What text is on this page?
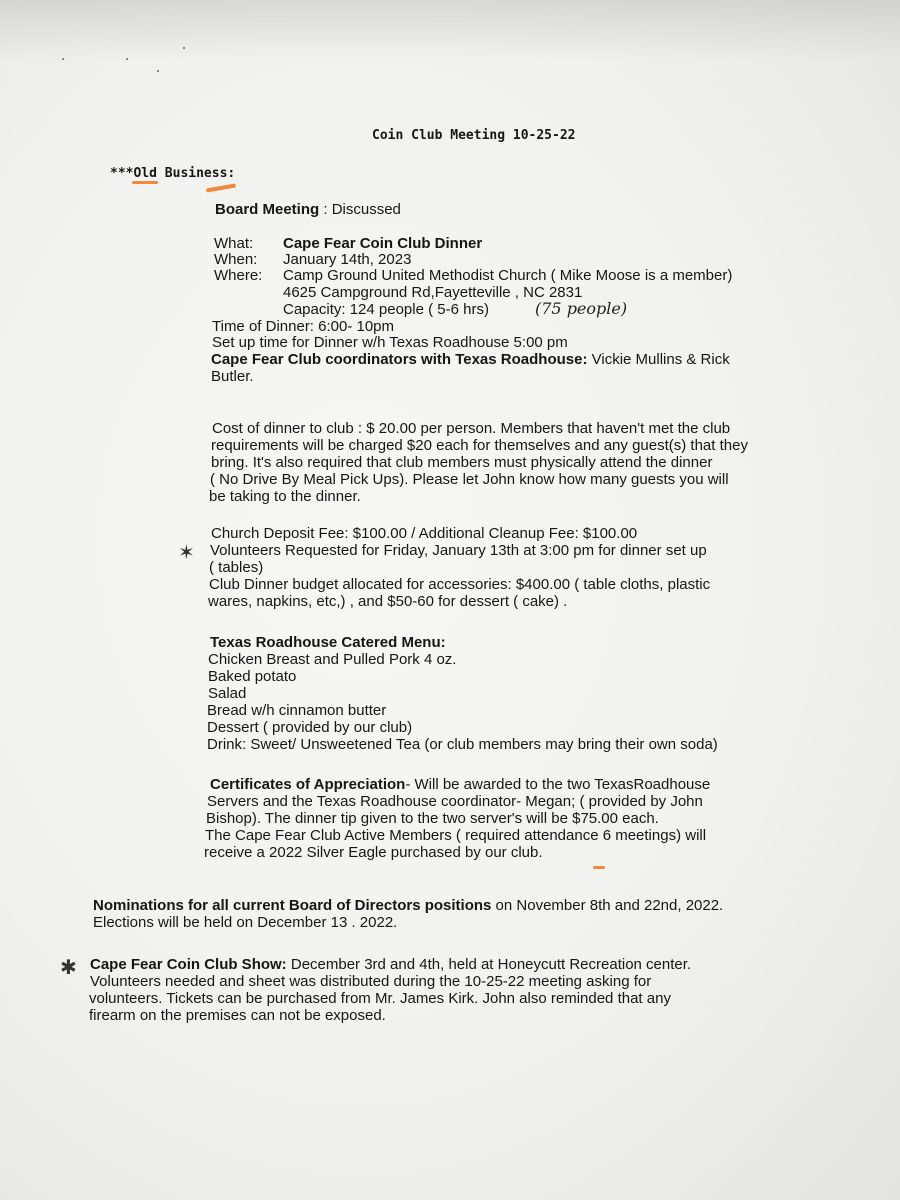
Coin Club Meeting 10-25-22
***Old Business:
Board Meeting : Discussed
What: Cape Fear Coin Club Dinner
When: January 14th, 2023
Where: Camp Ground United Methodist Church ( Mike Moose is a member)
4625 Campground Rd,Fayetteville , NC 2831
Capacity: 124 people ( 5-6 hrs)	(75 people)
Time of Dinner: 6:00- 10pm
Set up time for Dinner w/h Texas Roadhouse 5:00 pm
Cape Fear Club coordinators with Texas Roadhouse: Vickie Mullins & Rick
Butler.
Cost of dinner to club : $ 20.00 per person. Members that haven't met the club
requirements will be charged $20 each for themselves and any guest(s) that they
bring. It's also required that club members must physically attend the dinner
( No Drive By Meal Pick Ups). Please let John know how many guests you will
be taking to the dinner.
Church Deposit Fee: $100.00 / Additional Cleanup Fee: $100.00
✶ Volunteers Requested for Friday, January 13th at 3:00 pm for dinner set up
( tables)
Club Dinner budget allocated for accessories: $400.00 ( table cloths, plastic
wares, napkins, etc,) , and $50-60 for dessert ( cake) .
Texas Roadhouse Catered Menu:
Chicken Breast and Pulled Pork 4 oz.
Baked potato
Salad
Bread w/h cinnamon butter
Dessert ( provided by our club)
Drink: Sweet/ Unsweetened Tea (or club members may bring their own soda)
Certificates of Appreciation- Will be awarded to the two TexasRoadhouse
Servers and the Texas Roadhouse coordinator- Megan; ( provided by John
Bishop). The dinner tip given to the two server's will be $75.00 each.
The Cape Fear Club Active Members ( required attendance 6 meetings) will
receive a 2022 Silver Eagle purchased by our club.
Nominations for all current Board of Directors positions on November 8th and 22nd, 2022.
Elections will be held on December 13 . 2022.
✱ Cape Fear Coin Club Show: December 3rd and 4th, held at Honeycutt Recreation center.
Volunteers needed and sheet was distributed during the 10-25-22 meeting asking for
volunteers. Tickets can be purchased from Mr. James Kirk. John also reminded that any
firearm on the premises can not be exposed.
